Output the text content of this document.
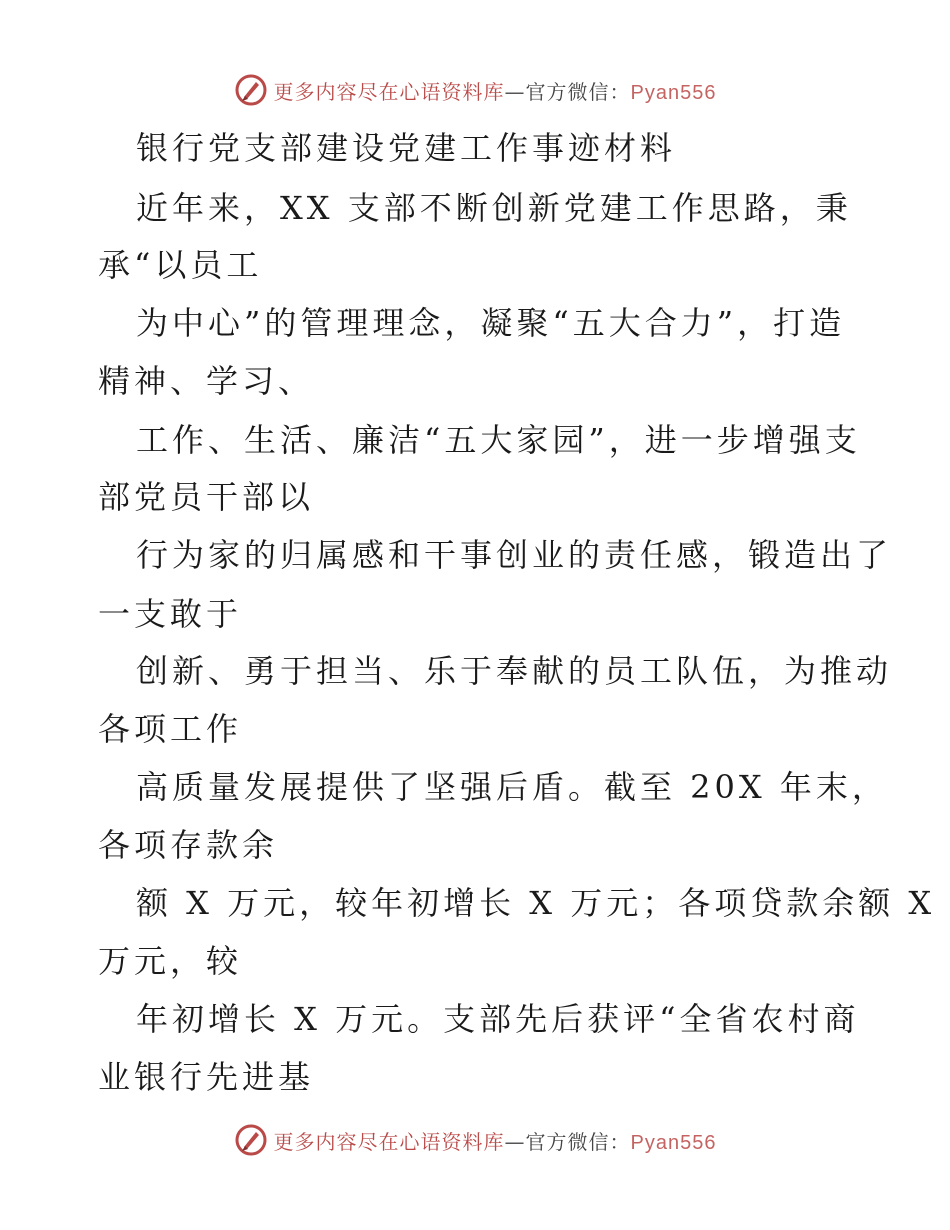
更多内容尽在心语资料库—官方微信：Pyan556
银行党支部建设党建工作事迹材料
近年来，XX 支部不断创新党建工作思路，秉
承“以员工
为中心”的管理理念，凝聚“五大合力”，打造
精神、学习、
工作、生活、廉洁“五大家园”，进一步增强支
部党员干部以
行为家的归属感和干事创业的责任感，锻造出了
一支敢于
创新、勇于担当、乐于奉献的员工队伍，为推动
各项工作
高质量发展提供了坚强后盾。截至 20X 年末，
各项存款余
额 X 万元，较年初增长 X 万元；各项贷款余额 X
万元，较
年初增长 X 万元。支部先后获评“全省农村商
业银行先进基
更多内容尽在心语资料库—官方微信：Pyan556
